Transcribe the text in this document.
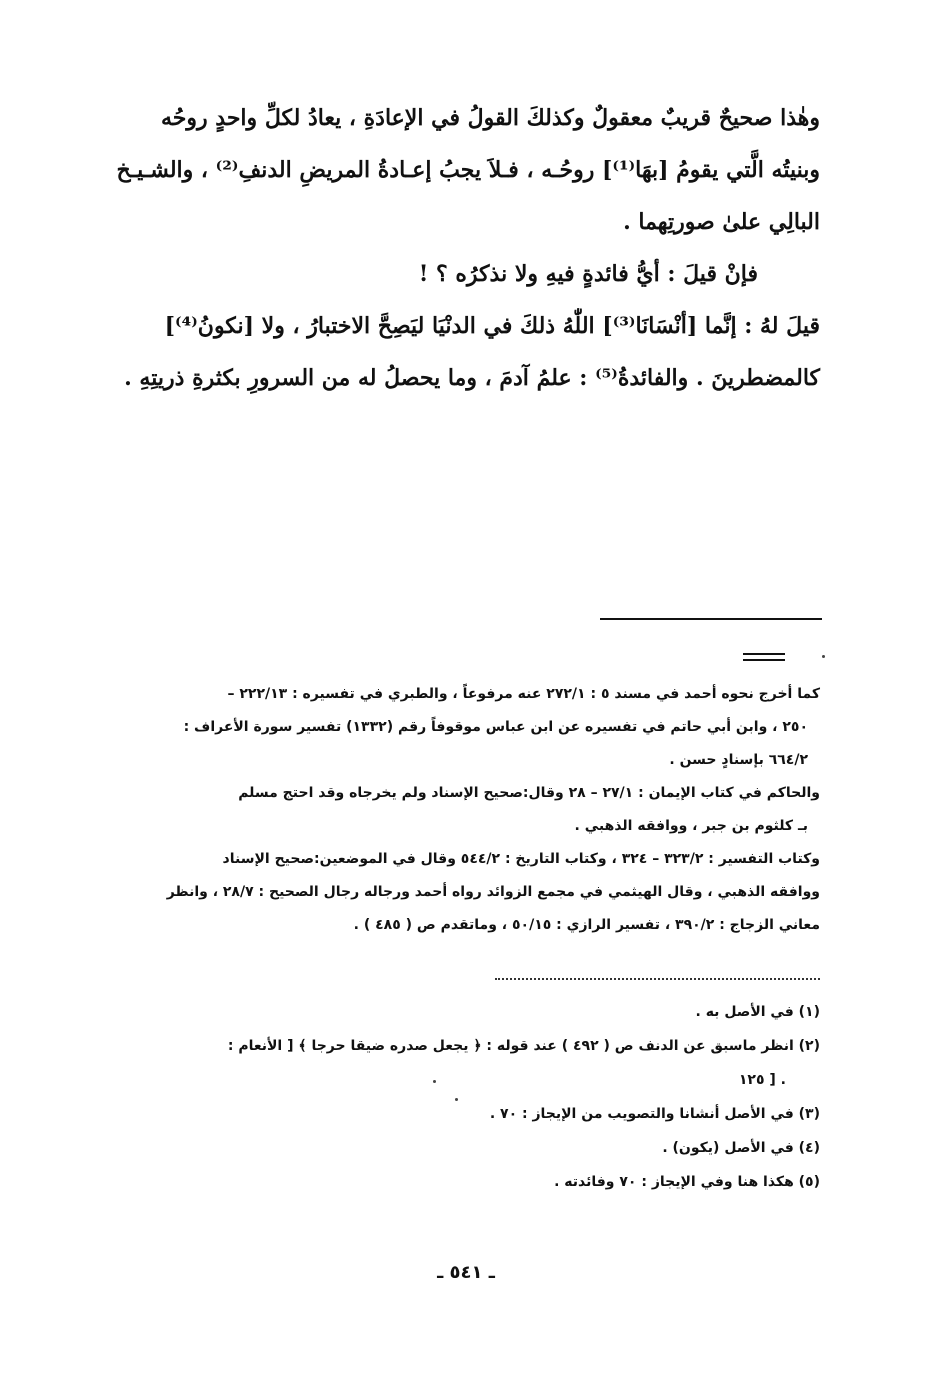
وهٰذا صحيحٌ قريبٌ معقولٌ وكذلكَ القولُ في الإعادَةِ ، يعادُ لكلِّ واحدٍ روحُه
وبنيتُه الَّتي يقومُ [بهَا⁽¹⁾] روحُـه ، فـلاَ يجبُ إعـادةُ المريضِ الدنفِ⁽²⁾ ، والشـيـخ
البالِي علىٰ صورتِهما .
فإنْ قيلَ : أيُّ فائدةٍ فيهِ ولا نذكرُه ؟ !
قيلَ لهُ : إنَّما [أنْسَانَا⁽³⁾] اللّٰهُ ذلكَ في الدنْيَا ليَصِحَّ الاختبارُ ، ولا [نكونُ⁽⁴⁾]
كالمضطرينَ . والفائدةُ⁽⁵⁾ : علمُ آدمَ ، وما يحصلُ له من السرورِ بكثرةِ ذريتِهِ .
كما أخرج نحوه أحمد في مسند ٥ : ٢٧٢/١ عنه مرفوعاً ، والطبري في تفسيره : ٢٢٢/١٣ –
٢٥٠ ، وابن أبي حاتم في تفسيره عن ابن عباس موقوفاً رقم (١٣٣٢) تفسير سورة الأعراف :
٦٦٤/٢ بإسنادٍ حسن .
والحاكم في كتاب الإيمان : ٢٧/١ – ٢٨ وقال:صحيح الإسناد ولم يخرجاه وقد احتج مسلم
بـ كلثوم بن جبر ، ووافقه الذهبي .
وكتاب التفسير : ٣٢٣/٢ – ٣٢٤ ، وكتاب التاريخ : ٥٤٤/٢ وقال في الموضعين:صحيح الإسناد
ووافقه الذهبي ، وقال الهيثمي في مجمع الزوائد رواه أحمد ورجاله رجال الصحيح : ٢٨/٧ ، وانظر
معاني الزجاج : ٣٩٠/٢ ، تفسير الرازي : ٥٠/١٥ ، وماتقدم ص ( ٤٨٥ ) .
(١) في الأصل به .
(٢) انظر ماسبق عن الدنف ص ( ٤٩٢ ) عند قوله : ﴿ يجعل صدره ضيقا حرجا ﴾ [ الأنعام :
١٢٥ ] .
(٣) في الأصل أنشانا والتصويب من الإيجاز : ٧٠ .
(٤) في الأصل (يكون) .
(٥) هكذا هنا وفي الإيجاز : ٧٠ وفائدته .
ـ ٥٤١ ـ
